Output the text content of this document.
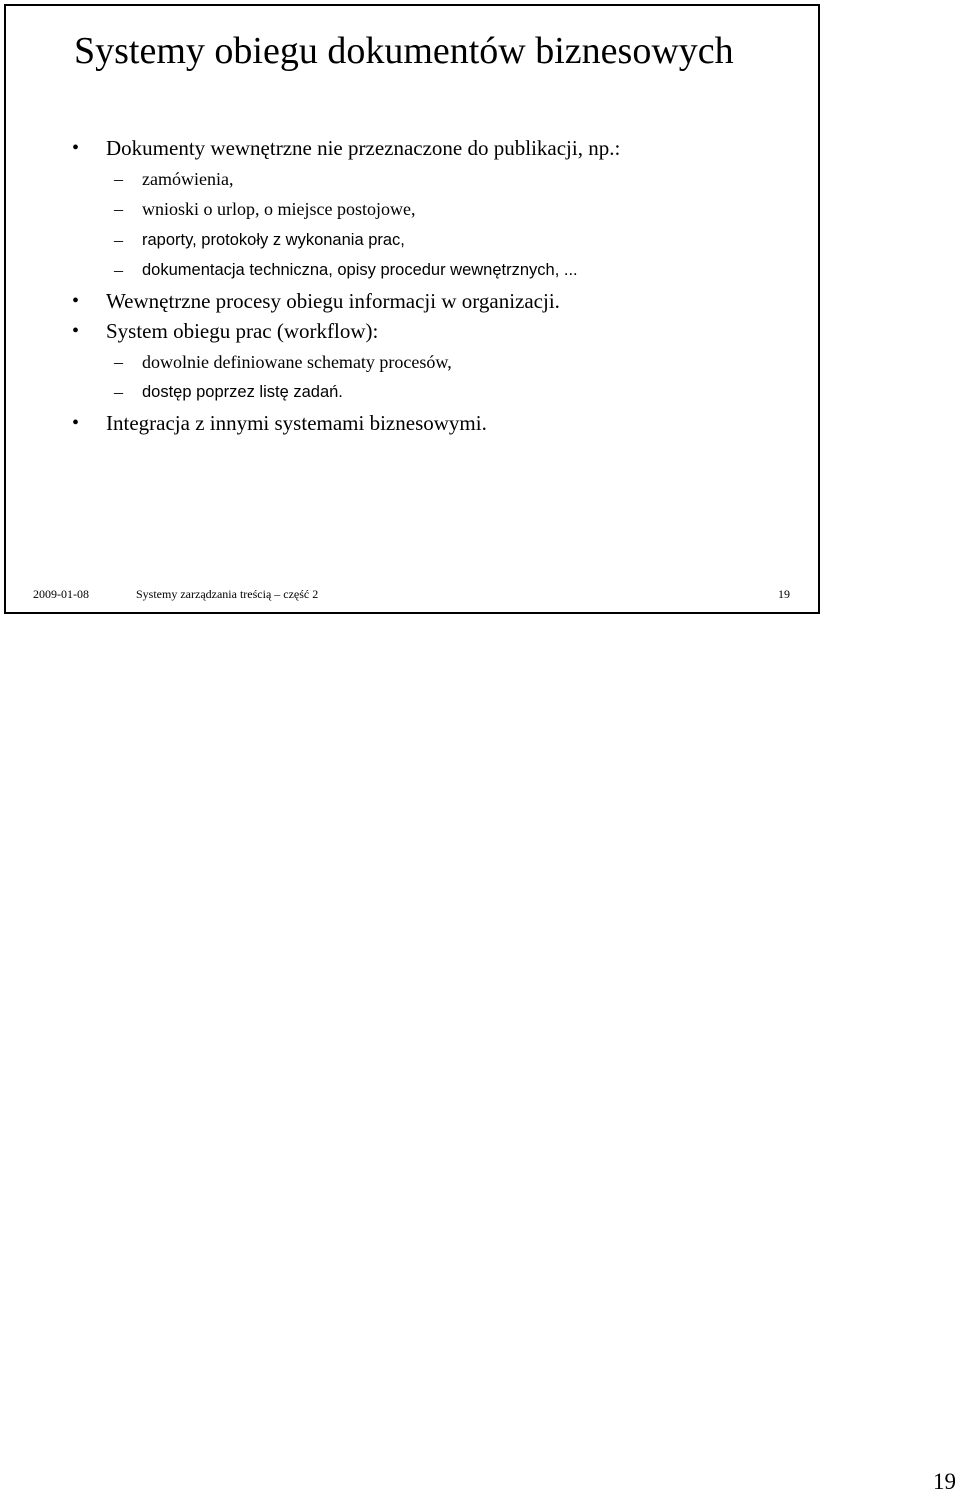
Systemy obiegu dokumentów biznesowych
• Dokumenty wewnętrzne nie przeznaczone do publikacji, np.:
– zamówienia,
– wnioski o urlop, o miejsce postojowe,
– raporty, protokoły z wykonania prac,
– dokumentacja techniczna, opisy procedur wewnętrznych, ...
• Wewnętrzne procesy obiegu informacji w organizacji.
• System obiegu prac (workflow):
– dowolnie definiowane schematy procesów,
– dostęp poprzez listę zadań.
• Integracja z innymi systemami biznesowymi.
2009-01-08	Systemy zarządzania treścią – część 2	19
19
